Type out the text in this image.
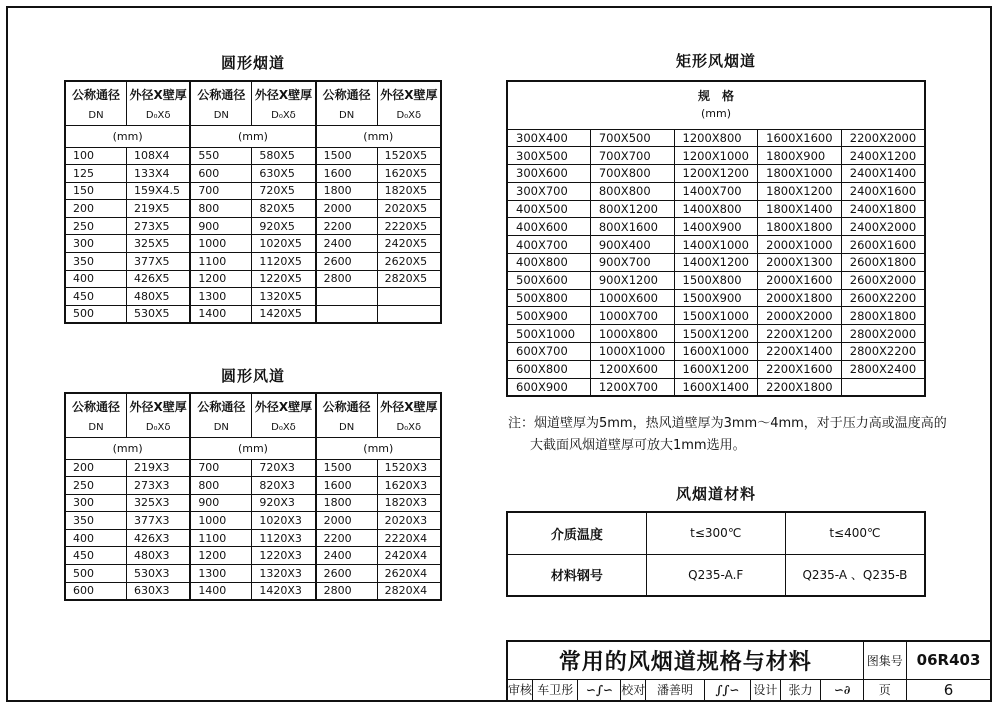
圆形烟道
公称通径	外径X壁厚	公称通径	外径X壁厚	公称通径	外径X壁厚
DN	D₀Xδ	DN	D₀Xδ	DN	D₀Xδ
(mm)		(mm)		(mm)	
100	108X4	550	580X5	1500	1520X5
125	133X4	600	630X5	1600	1620X5
150	159X4.5	700	720X5	1800	1820X5
200	219X5	800	820X5	2000	2020X5
250	273X5	900	920X5	2200	2220X5
300	325X5	1000	1020X5	2400	2420X5
350	377X5	1100	1120X5	2600	2620X5
400	426X5	1200	1220X5	2800	2820X5
450	480X5	1300	1320X5		
500	530X5	1400	1420X5		
圆形风道
公称通径	外径X壁厚	公称通径	外径X壁厚	公称通径	外径X壁厚
DN	D₀Xδ	DN	D₀Xδ	DN	D₀Xδ
(mm)		(mm)		(mm)	
200	219X3	700	720X3	1500	1520X3
250	273X3	800	820X3	1600	1620X3
300	325X3	900	920X3	1800	1820X3
350	377X3	1000	1020X3	2000	2020X3
400	426X3	1100	1120X3	2200	2220X4
450	480X3	1200	1220X3	2400	2420X4
500	530X3	1300	1320X3	2600	2620X4
600	630X3	1400	1420X3	2800	2820X4
矩形风烟道
规　格
(mm)				

300X400	700X500	1200X800	1600X1600	2200X2000
300X500	700X700	1200X1000	1800X900	2400X1200
300X600	700X800	1200X1200	1800X1000	2400X1400
300X700	800X800	1400X700	1800X1200	2400X1600
400X500	800X1200	1400X800	1800X1400	2400X1800
400X600	800X1600	1400X900	1800X1800	2400X2000
400X700	900X400	1400X1000	2000X1000	2600X1600
400X800	900X700	1400X1200	2000X1300	2600X1800
500X600	900X1200	1500X800	2000X1600	2600X2000
500X800	1000X600	1500X900	2000X1800	2600X2200
500X900	1000X700	1500X1000	2000X2000	2800X1800
500X1000	1000X800	1500X1200	2200X1200	2800X2000
600X700	1000X1000	1600X1000	2200X1400	2800X2200
600X800	1200X600	1600X1200	2200X1600	2800X2400
600X900	1200X700	1600X1400	2200X1800	
注：烟道壁厚为5mm，热风道壁厚为3mm～4mm，对于压力高或温度高的
大截面风烟道壁厚可放大1mm选用。
风烟道材料
介质温度	t≤300℃	t≤400℃
材料钢号	Q235-A.F	Q235-A 、Q235-B
常用的风烟道规格与材料									图集号	06R403
审核	车卫彤	∽∫∽	校对	潘善明	∫∫∽	设计	张力	∽∂	页	6
